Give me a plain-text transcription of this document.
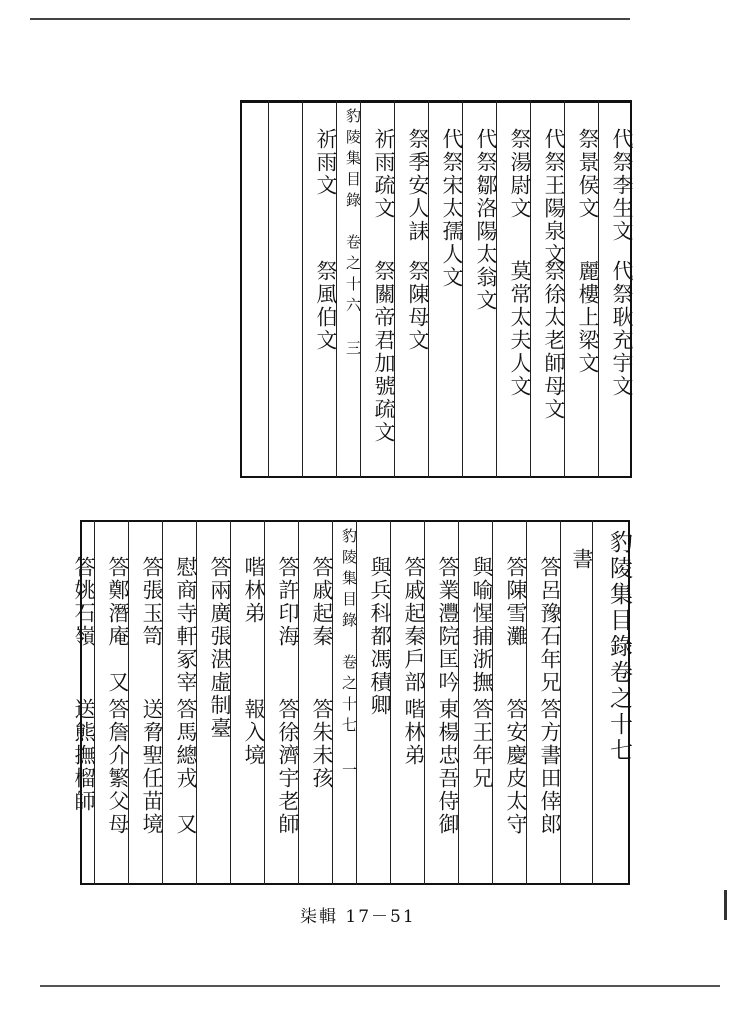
代祭李生文
代祭耿充宇文
祭景侯文
麗樓上梁文
代祭王陽泉文
祭徐太老師母文
祭湯尉文
莫常太夫人文
代祭鄒洛陽太翁文
代祭宋太孺人文
祭季安人誄
祭陳母文
祈雨疏文
祭關帝君加號疏文
豹陵集目錄　卷之十六
三
祈雨文
祭風伯文
豹陵集目錄卷之十七
書
答呂豫石年兄
答方書田倖郎
答陳雪灘
答安慶皮太守
與喻惺捕浙撫
答王年兄
答業灃院匡吟
東楊忠吾侍御
答戚起秦戶部
喈林弟
與兵科都馮積卿
豹陵集目錄　卷之十七
一
答戚起秦
答朱未孩
答許印海
答徐濟宇老師
喈林弟
報入境
答兩廣張湛虛制臺
慰商寺軒冢宰
答馬總戎　又
答張玉笥
送脅聖任苗境
答鄭潛庵　又
答詹介繁父母
答姚石嶺
送熊撫榴師
柒輯 17－51
